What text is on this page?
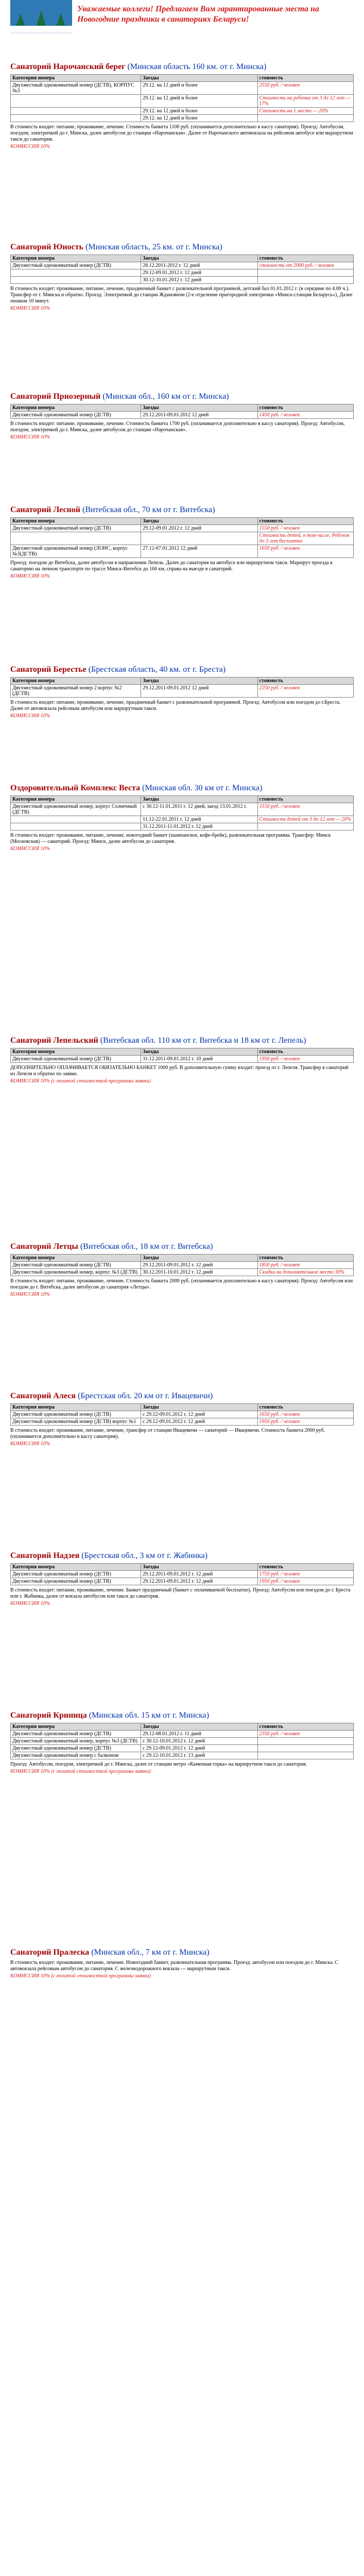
Уважаемые коллеги! Предлагаем Вам гарантированные места на Новогодние праздники в санаториях Беларуси!
Санаторий Нарочанский берег (Минская область 160 км. от г. Минска)
Категория номера	Заезды	стоимость
Двухместный однокомнатный номер (ДСТВ), КОРПУС №3	29.12. на 12 дней и более	2550 руб. / человек
	29.12. на 12 дней и более	Стоимость на ребенка от 3 до 12 лет — 17%
	29.12. на 12 дней и более	Стоимость на 1 место — 20%
	29.12. на 12 дней и более	
В стоимость входит: питание, проживание, лечение. Стоимость банкета 1100 руб. (оплачивается дополнительно в кассу санатория). Проезд: Автобусом, поездом, электричкой до г. Минска, далее автобусом до станции «Нарочанская». Далее от Нарочанского автовокзала на рейсовом автобусе или маршрутном такси до санатория.
КОМИССИЯ 10%
Санаторий Юность (Минская область, 25 км. от г. Минска)
Категория номера	Заезды	стоимость
Двухместный однокомнатный номер (ДСТВ)	28.12.2011-2012 г. 12 дней	стоимость от 2000 руб. / человек
	29.12-09.01.2012 г. 12 дней	
	30.12-10.01.2012 г. 12 дней	
В стоимость входит: проживание, питание, лечение, праздничный банкет с развлекательной программой, детский бал 01.01.2012 г. (в середине по 4.00 ч.). Трансфер от г. Минска и обратно. Проезд: Электричкой до станции Ждановичи (2-е отделение пригородной электрички «Минск-станция Беларусь»), Далее пешком 10 минут.
КОМИССИЯ 10%
Санаторий Приозерный (Минская обл., 160 км от г. Минска)
Категория номера	Заезды	стоимость
Двухместный однокомнатный номер (ДСТВ)	29.12.2011-09.01.2012 12 дней	1450 руб. / человек
В стоимость входит: питание, проживание, лечение. Стоимость банкета 1700 руб. (оплачивается дополнительно в кассу санатория). Проезд: Автобусом, поездом, электричкой до г. Минска, далее автобусом до станции «Нарочанская».
КОМИССИЯ 10%
Санаторий Лесной (Витебская обл., 70 км от г. Витебска)
Категория номера	Заезды	стоимость
Двухместный однокомнатный номер (ДСТВ)	29.12-09.01.2012 г. 12 дней	1550 руб. / человек
		Стоимость детей, в том числе, Ребенок до 3 лет бесплатно
Двухместный однокомнатный номер (ЛОНС, корпус №3(ДСТВ)	27.12-07.01.2012 12 дней	1650 руб. / человек
Проезд: поездом до Витебска, далее автобусом в направлении Лепель. Далее до санатория на автобусе или маршрутном такси. Маршрут проезда к санаторию на личном транспорте по трассе Минск-Витебск до 160 км, справа на выезде в санаторий.
КОМИССИЯ 10%
Санаторий Берестье (Брестская область, 40 км. от г. Бреста)
Категория номера	Заезды	стоимость
Двухместный однокомнатный номер 2 корпус №2 (ДСТВ)	29.12.2011-09.01.2012 12 дней	2250 руб. / человек
В стоимость входит: питание, проживание, лечение, праздничный банкет с развлекательной программой. Проезд: Автобусом или поездом до г.Бреста. Далее от автовокзала рейсовым автобусом или маршрутным такси.
КОМИССИЯ 10%
Оздоровительный Комплекс Веста (Минская обл. 30 км от г. Минска)
Категория номера	Заезды	стоимость
Двухместный однокомнатный номер, корпус Солнечный (ДСТВ)	с 30.12-11.01.2011 г. 12 дней, заезд 13.01.2012 г.	3150 руб. / человек
	11.12-22.01.2011 г. 12 дней	Стоимость детей от 3 до 12 лет — 20%
	31.12.2011-11.01.2012 г. 12 дней	
В стоимость входит: проживание, питание, лечение, новогодний банкет (шампанское, кофе-брейк), развлекательная программа. Трансфер: Минск (Московская) — санаторий. Проезд: Минск, далее автобусом до санатория.
КОМИССИЯ 10%
Санаторий Лепельский (Витебская обл. 110 км от г. Витебска и 18 км от г. Лепель)
Категория номера	Заезды	стоимость
Двухместный однокомнатный номер (ДСТВ)	31.12.2011-09.01.2012 г. 10 дней	1950 руб. / человек
ДОПОЛНИТЕЛЬНО ОПЛАЧИВАЕТСЯ ОБЯЗАТЕЛЬНО БАНКЕТ 1000 руб. В дополнительную сумму входит: проезд от г. Лепеля. Трансфер в санаторий из Лепеля и обратно по заявке.
КОМИССИЯ 10% (с оплатой стоимостной программы заявки)
Санаторий Летцы (Витебская обл., 18 км от г. Витебска)
Категория номера	Заезды	стоимость
Двухместный однокомнатный номер (ДСТВ)	29.12.2011-09.01.2012 г. 12 дней	1850 руб. / человек
Двухместный однокомнатный номер, корпус №3 (ДСТВ)	30.12.2011-10.01.2012 г. 12 дней	Скидка на дополнительное место 30%
В стоимость входит: питание, проживание, лечение. Стоимость банкета 2000 руб. (оплачивается дополнительно в кассу санатория). Проезд: Автобусом или поездом до г. Витебска, далее автобусом до санатория «Летцы».
КОМИССИЯ 10%
Санаторий Алеся (Брестская обл. 20 км от г. Ивацевичи)
Категория номера	Заезды	стоимость
Двухместный однокомнатный номер (ДСТВ)	с 29.12-09.01.2012 г. 12 дней	1650 руб. / человек
Двухместный однокомнатный номер (ДСТВ) корпус №1	с 29.12-09.01.2012 г. 12 дней	1950 руб. / человек
В стоимость входит: проживание, питание, лечение, трансфер от станции Ивацевичи — санаторий — Ивацевичи. Стоимость банкета 2000 руб. (оплачивается дополнительно в кассу санатория).
КОМИССИЯ 10%
Санаторий Надзея (Брестская обл., 3 км от г. Жабинка)
Категория номера	Заезды	стоимость
Двухместный однокомнатный номер (ДСТВ)	29.12.2011-09.01.2012 г. 12 дней	1750 руб. / человек
Двухместный однокомнатный номер (ДСТВ)	29.12.2011-09.01.2012 г. 12 дней	1950 руб. / человек
В стоимость входит: питание, проживание, лечение. Банкет праздничный (банкет с оплачиваемой бесплатно). Проезд: Автобусом или поездом до г. Бреста или г. Жабинка, далее от вокзала автобусом или такси до санатория.
КОМИССИЯ 10%
Санаторий Криница (Минская обл. 15 км от г. Минска)
Категория номера	Заезды	стоимость
Двухместный однокомнатный номер (ДСТВ)	29.12-08.01.2012 г. 11 дней	2350 руб. / человек
Двухместный однокомнатный номер, корпус №3 (ДСТВ)	с 30.12-10.01.2012 г. 12 дней	
Двухместный однокомнатный номер (ДСТВ)	с 29.12-09.01.2012 г. 12 дней	
Двухместный однокомнатный номер с балконом	с 29.12-10.01.2012 г. 13 дней	
Проезд: Автобусом, поездом, электричкой до г. Минска, далее от станции метро «Каменная горка» на маршрутном такси до санатория.
КОМИССИЯ 10% (с оплатой стоимостной программы заявки)
Санаторий Пралеска (Минская обл., 7 км от г. Минска)
В стоимость входит: проживание, питание, лечение. Новогодний банкет, развлекательная программа. Проезд: автобусом или поездом до г. Минска. С автовокзала рейсовым автобусом до санатория. С железнодорожного вокзала — маршрутным такси.
КОМИССИЯ 10% (с оплатой стоимостной программы заявки)
